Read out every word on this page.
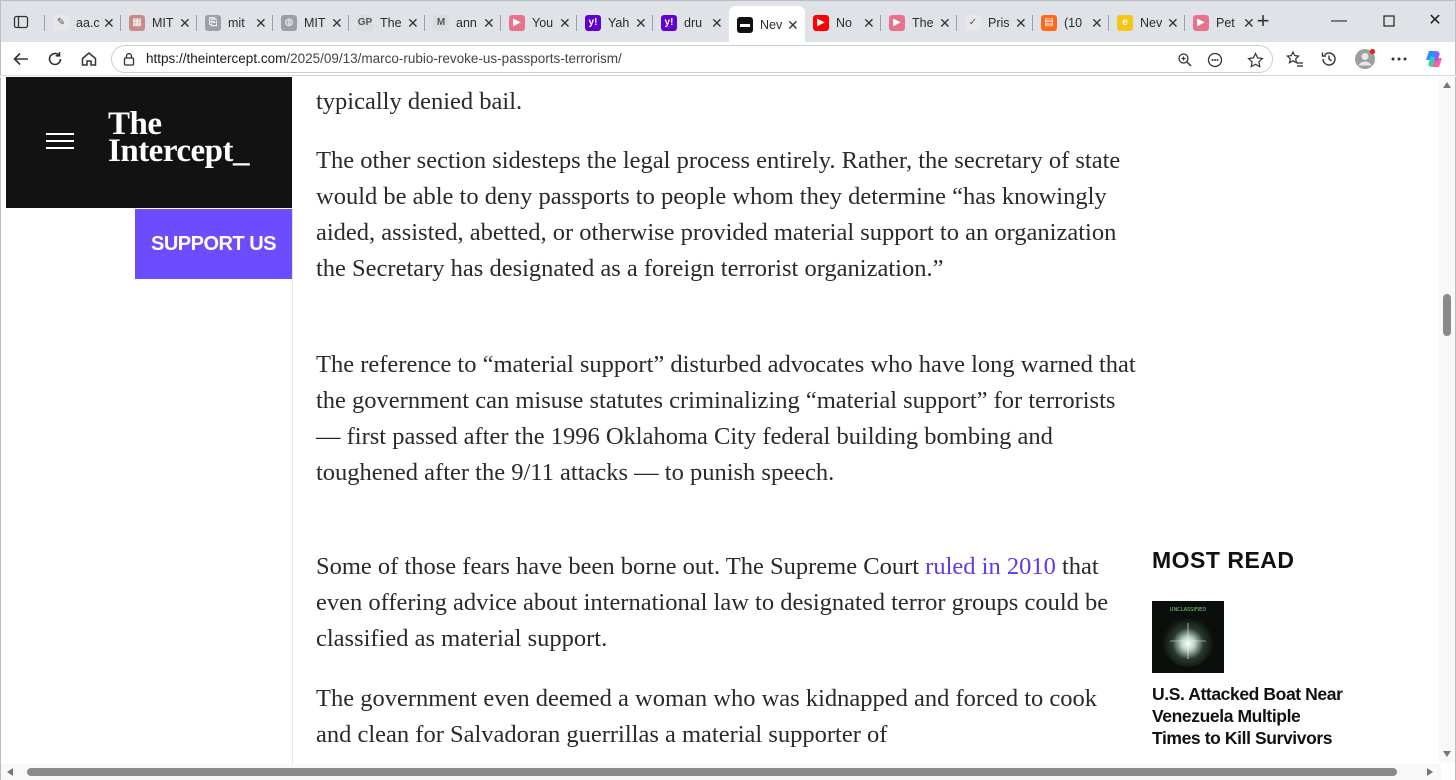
✎ aa.c ✕	▦ MIT ✕	⎘ mit ✕	◍ MIT ✕ GP The ✕	M ann ✕	▶ You ✕	y! Yah ✕	y! dru ✕	▬ Nev ✕	▶ No ✕	▶ The ✕	✓ Pris ✕	▤ (10 ✕	e Nev ✕	▶ Pet ✕ +	—	✕
https://theintercept.com/2025/09/13/marco-rubio-revoke-us-passports-terrorism/
The
Intercept_
SUPPORT US

typically denied bail.

The other section sidesteps the legal process entirely. Rather, the secretary of state would be able to deny passports to people whom they determine “has knowingly aided, assisted, abetted, or otherwise provided material support to an organization the Secretary has designated as a foreign terrorist organization.”

The reference to “material support” disturbed advocates who have long warned that the government can misuse statutes criminalizing “material support” for terrorists — first passed after the 1996 Oklahoma City federal building bombing and toughened after the 9/11 attacks — to punish speech.

Some of those fears have been borne out. The Supreme Court ruled in 2010 that even offering advice about international law to designated terror groups could be classified as material support.

The government even deemed a woman who was kidnapped and forced to cook and clean for Salvadoran guerrillas a material supporter of

MOST READ
UNCLASSIFIED
U.S. Attacked Boat Near Venezuela Multiple Times to Kill Survivors
